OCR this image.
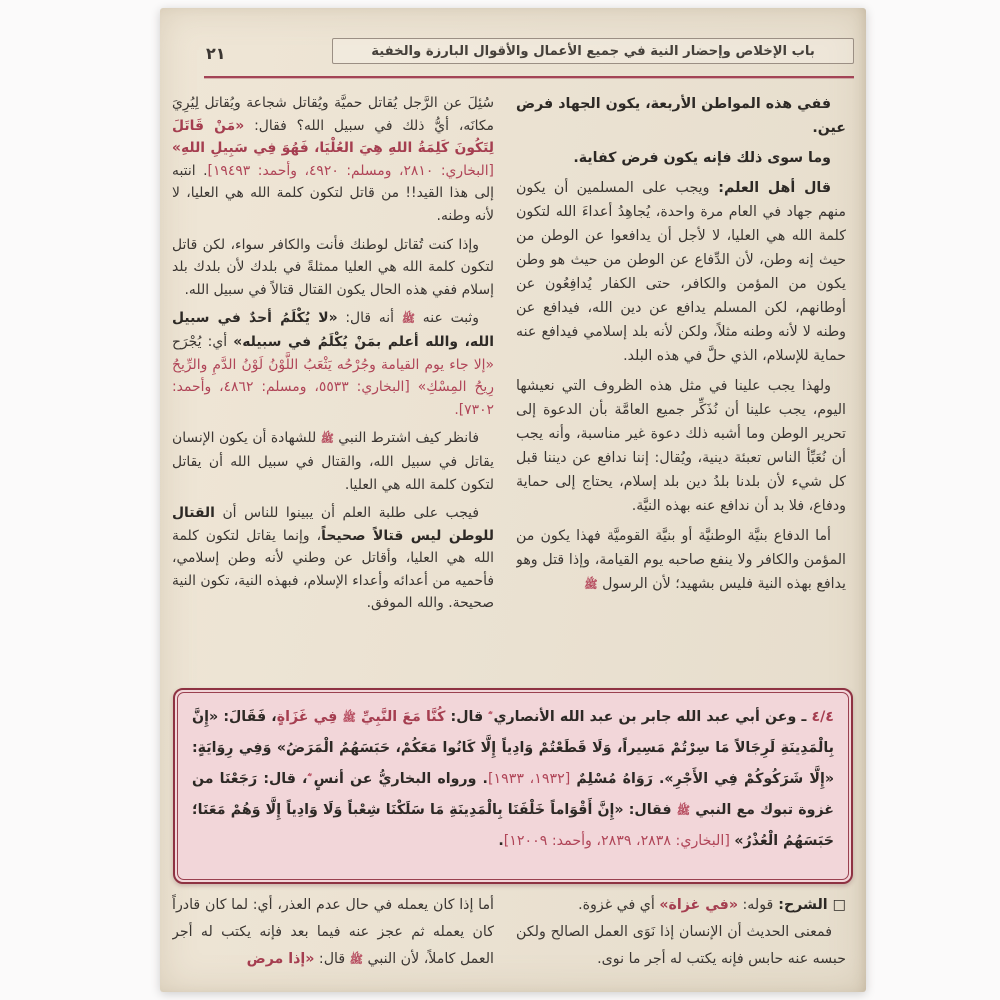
٢١	باب الإخلاص وإحضار النية في جميع الأعمال والأقوال البارزة والخفية

ففي هذه المواطن الأربعة، يكون الجهاد فرض عين.

وما سوى ذلك فإنه يكون فرض كفاية.

قال أهل العلم: ويجب على المسلمين أن يكون منهم جهاد في العام مرة واحدة، يُجاهِدُ أعداءَ الله لتكون كلمة الله هي العليا، لا لأجل أن يدافعوا عن الوطن من حيث إنه وطن، لأن الدِّفاع عن الوطن من حيث هو وطن يكون من المؤمن والكافر، حتى الكفار يُدافِعُون عن أوطانهم، لكن المسلم يدافع عن دين الله، فيدافع عن وطنه لا لأنه وطنه مثلاً، ولكن لأنه بلد إسلامي فيدافع عنه حماية للإسلام، الذي حلَّ في هذه البلد.

ولهذا يجب علينا في مثل هذه الظروف التي نعيشها اليوم، يجب علينا أن نُذَكِّر جميع العامَّة بأن الدعوة إلى تحرير الوطن وما أشبه ذلك دعوة غير مناسبة، وأنه يجب أن نُعَبِّأ الناس تعبئة دينية، ويُقال: إننا ندافع عن ديننا قبل كل شيء لأن بلدنا بلدُ دين بلد إسلام، يحتاج إلى حماية ودفاع، فلا بد أن ندافع عنه بهذه النيَّة.

أما الدفاع بنيَّة الوطنيَّة أو بنيَّة القوميَّة فهذا يكون من المؤمن والكافر ولا ينفع صاحبه يوم القيامة، وإذا قتل وهو يدافع بهذه النية فليس بشهيد؛ لأن الرسول ﷺ

سُئِلَ عن الرَّجل يُقاتل حميَّة ويُقاتل شجاعة ويُقاتل لِيُرِيَ مكانَه، أيُّ ذلك في سبيل الله؟ فقال: «مَنْ قَاتَلَ لِتَكُونَ كَلِمَةُ اللهِ هِيَ العُلْيَا، فَهُوَ فِي سَبِيلِ اللهِ» [البخاري: ٢٨١٠، ومسلم: ٤٩٢٠، وأحمد: ١٩٤٩٣]. انتبه إلى هذا القيد!! من قاتل لتكون كلمة الله هي العليا، لا لأنه وطنه.

وإذا كنت تُقاتل لوطنك فأنت والكافر سواء، لكن قاتل لتكون كلمة الله هي العليا ممثلةً في بلدك لأن بلدك بلد إسلام ففي هذه الحال يكون القتال قتالاً في سبيل الله.

وثبت عنه ﷺ أنه قال: «لا يُكْلَمُ أحدٌ في سبيل الله، والله أعلم بمَنْ يُكْلَمُ في سبيله» أي: يُجْرَح «إلا جاء يوم القيامة وجُرْحُه يَثْعَبُ اللَّوْنُ لَوْنُ الدَّمِ والرِّيحُ رِيحُ المِسْكِ» [البخاري: ٥٥٣٣، ومسلم: ٤٨٦٢، وأحمد: ٧٣٠٢].

فانظر كيف اشترط النبي ﷺ للشهادة أن يكون الإنسان يقاتل في سبيل الله، والقتال في سبيل الله أن يقاتل لتكون كلمة الله هي العليا.

فيجب على طلبة العلم أن يبينوا للناس أن القتال للوطن ليس قتالاً صحيحاً، وإنما يقاتل لتكون كلمة الله هي العليا، وأقاتل عن وطني لأنه وطن إسلامي، فأحميه من أعدائه وأعداء الإسلام، فبهذه النية، تكون النية صحيحة. والله الموفق.

٤/٤ ـ وعن أبي عبد الله جابر بن عبد الله الأنصاري قال: كُنَّا مَعَ النَّبِيِّ ﷺ فِي غَزَاةٍ، فَقَالَ: «إِنَّ بِالْمَدِينَةِ لَرِجَالاً مَا سِرْتُمْ مَسِيراً، وَلَا قَطَعْتُمْ وَادِياً إِلَّا كَانُوا مَعَكُمْ، حَبَسَهُمُ الْمَرَضُ» وَفِي رِوَايَةٍ: «إِلَّا شَرَكُوكُمْ فِي الأَجْرِ». رَوَاهُ مُسْلِمٌ [١٩٣٢، ١٩٣٣]. ورواه البخاريُّ عن أنسٍ ، قال: رَجَعْنَا من غزوة تبوك مع النبي ﷺ فقال: «إِنَّ أَقْوَاماً خَلْفَنَا بِالْمَدِينَةِ مَا سَلَكْنَا شِعْباً وَلَا وَادِياً إِلَّا وَهُمْ مَعَنَا؛ حَبَسَهُمُ الْعُذْرُ» [البخاري: ٢٨٣٨، ٢٨٣٩، وأحمد: ١٢٠٠٩].

□ الشرح: قوله: «في غزاة» أي في غزوة.

فمعنى الحديث أن الإنسان إذا نَوَى العمل الصالح ولكن حبسه عنه حابس فإنه يكتب له أجر ما نوى.

أما إذا كان يعمله في حال عدم العذر، أي: لما كان قادراً كان يعمله ثم عجز عنه فيما بعد فإنه يكتب له أجر العمل كاملاً، لأن النبي ﷺ قال: «إذا مرض
